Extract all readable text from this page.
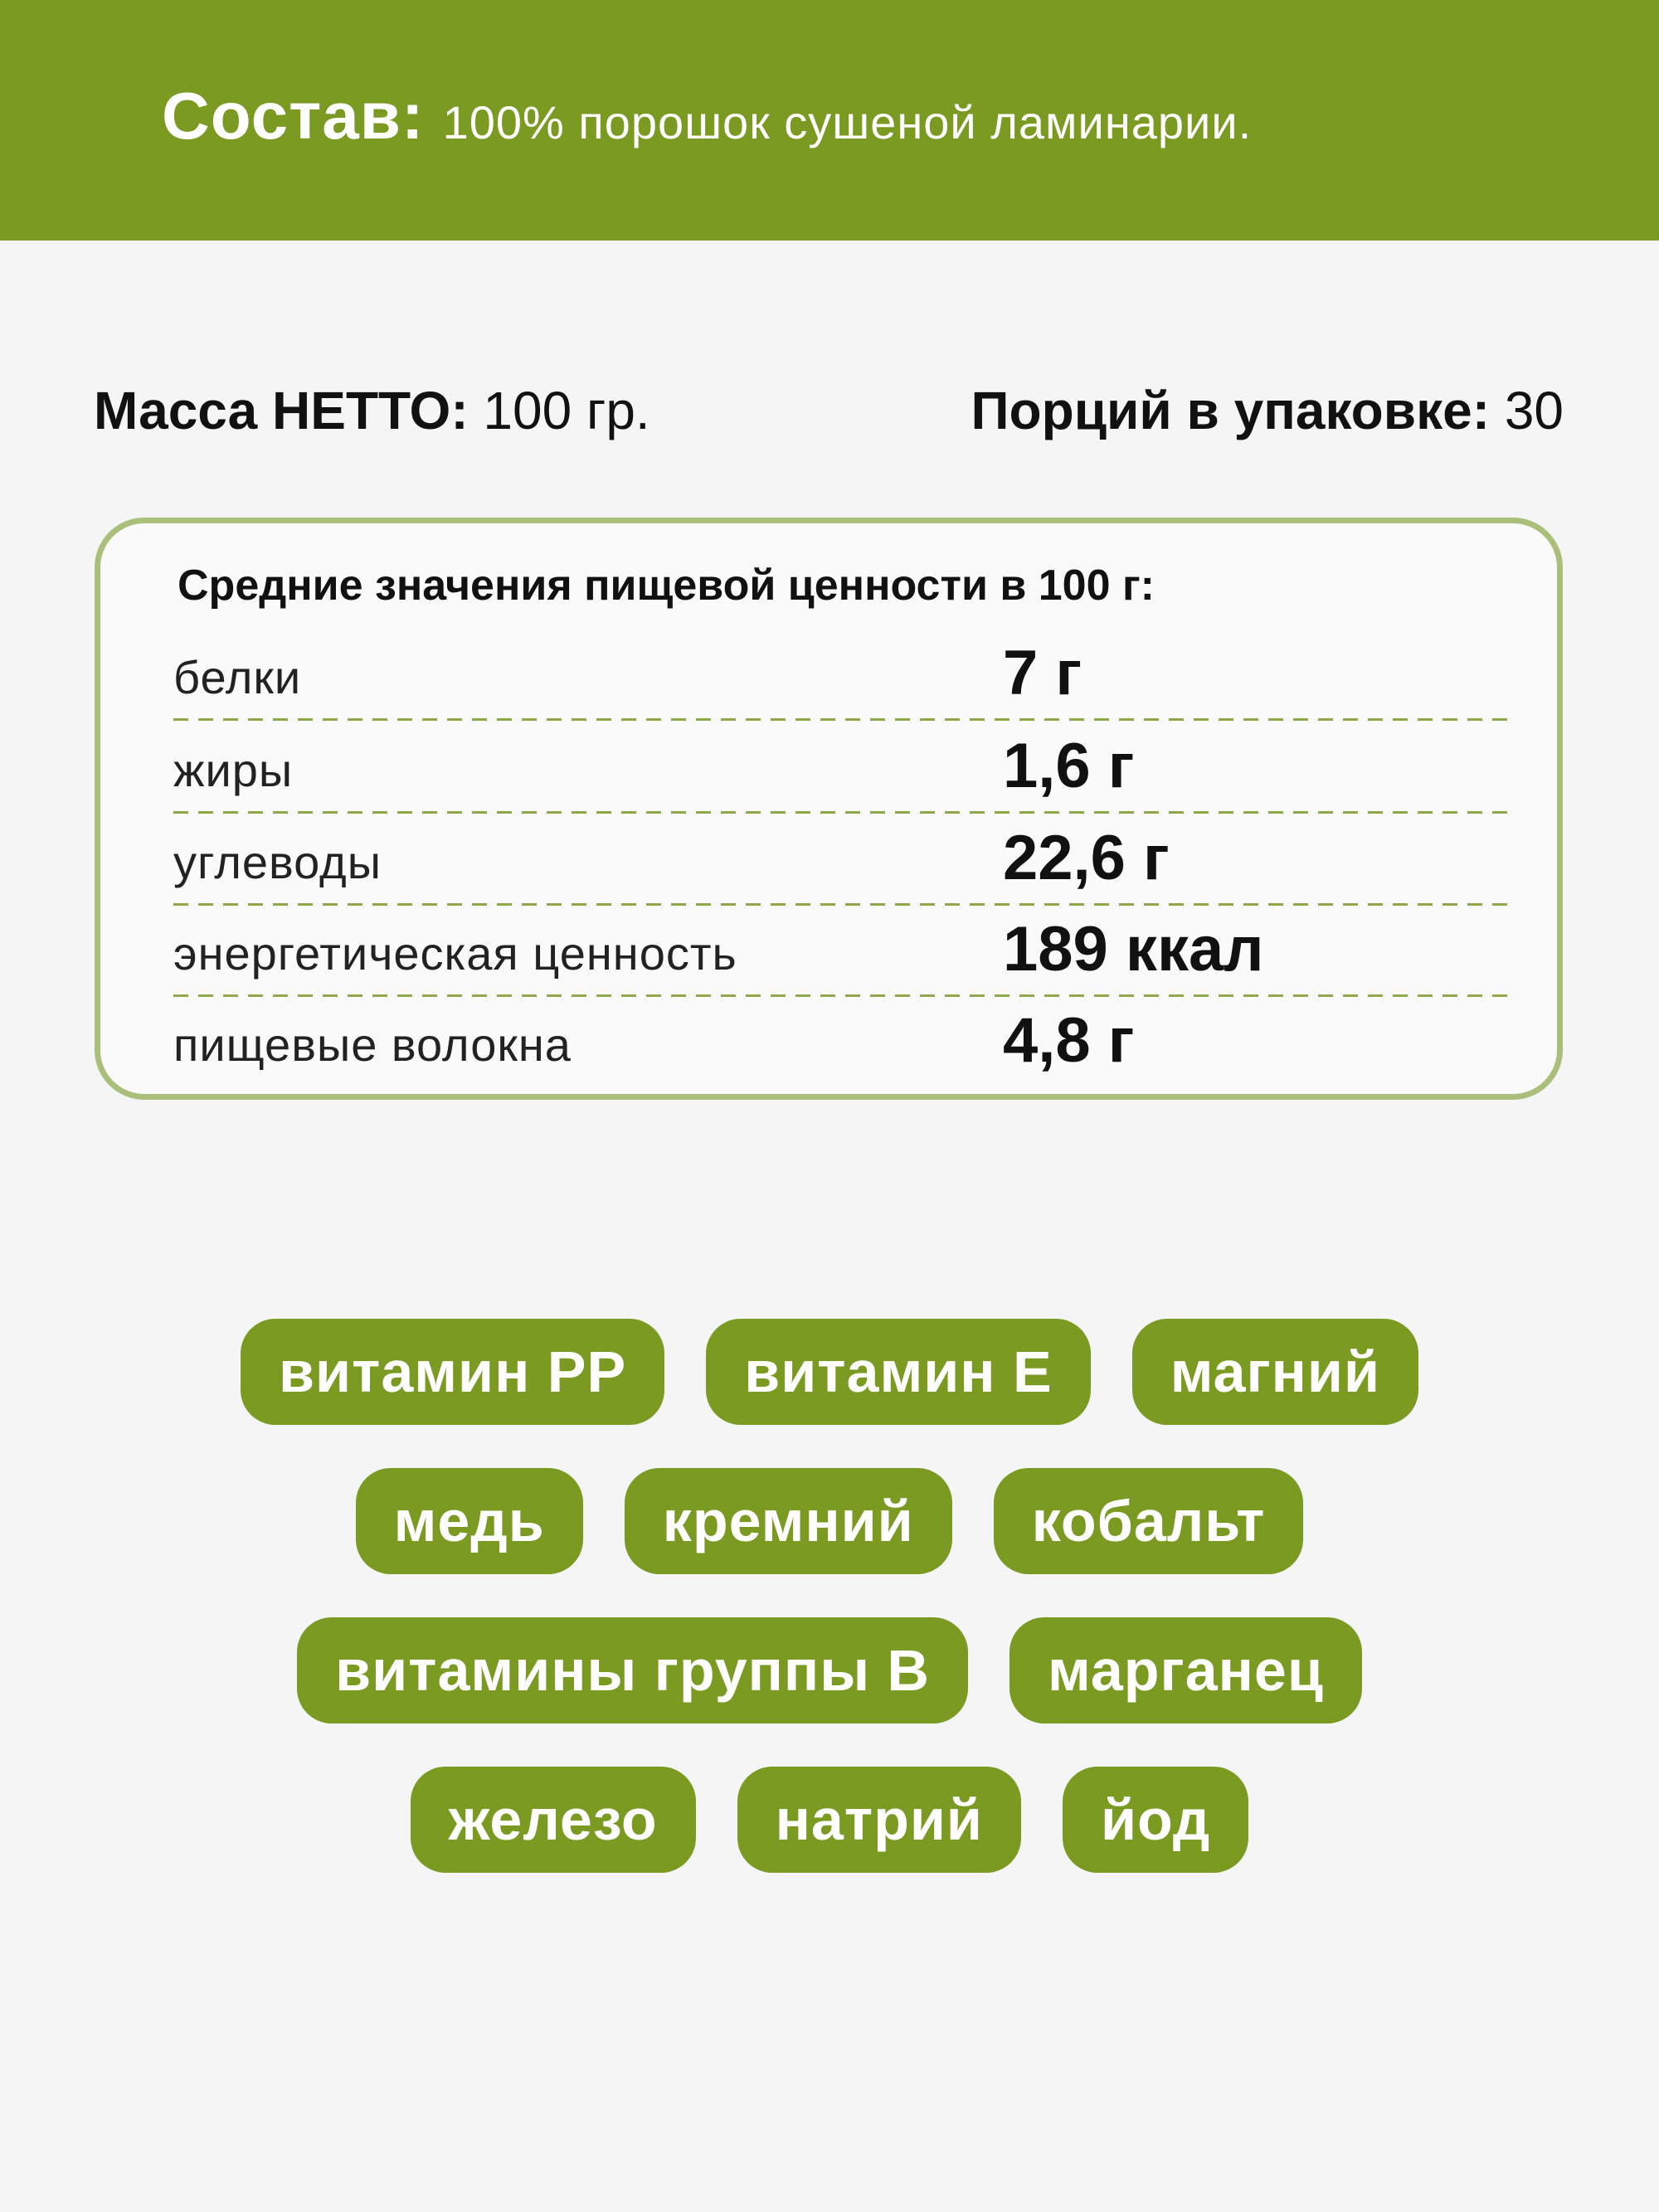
Состав: 100% порошок сушеной ламинарии.
Масса НЕТТО: 100 гр.	Порций в упаковке: 30
Средние значения пищевой ценности в 100 г:
белки	7 г
жиры	1,6 г
углеводы	22,6 г
энергетическая ценность	189 ккал
пищевые волокна	4,8 г
витамин PP	витамин Е	магний
медь	кремний	кобальт
витамины группы В	марганец
железо	натрий	йод
